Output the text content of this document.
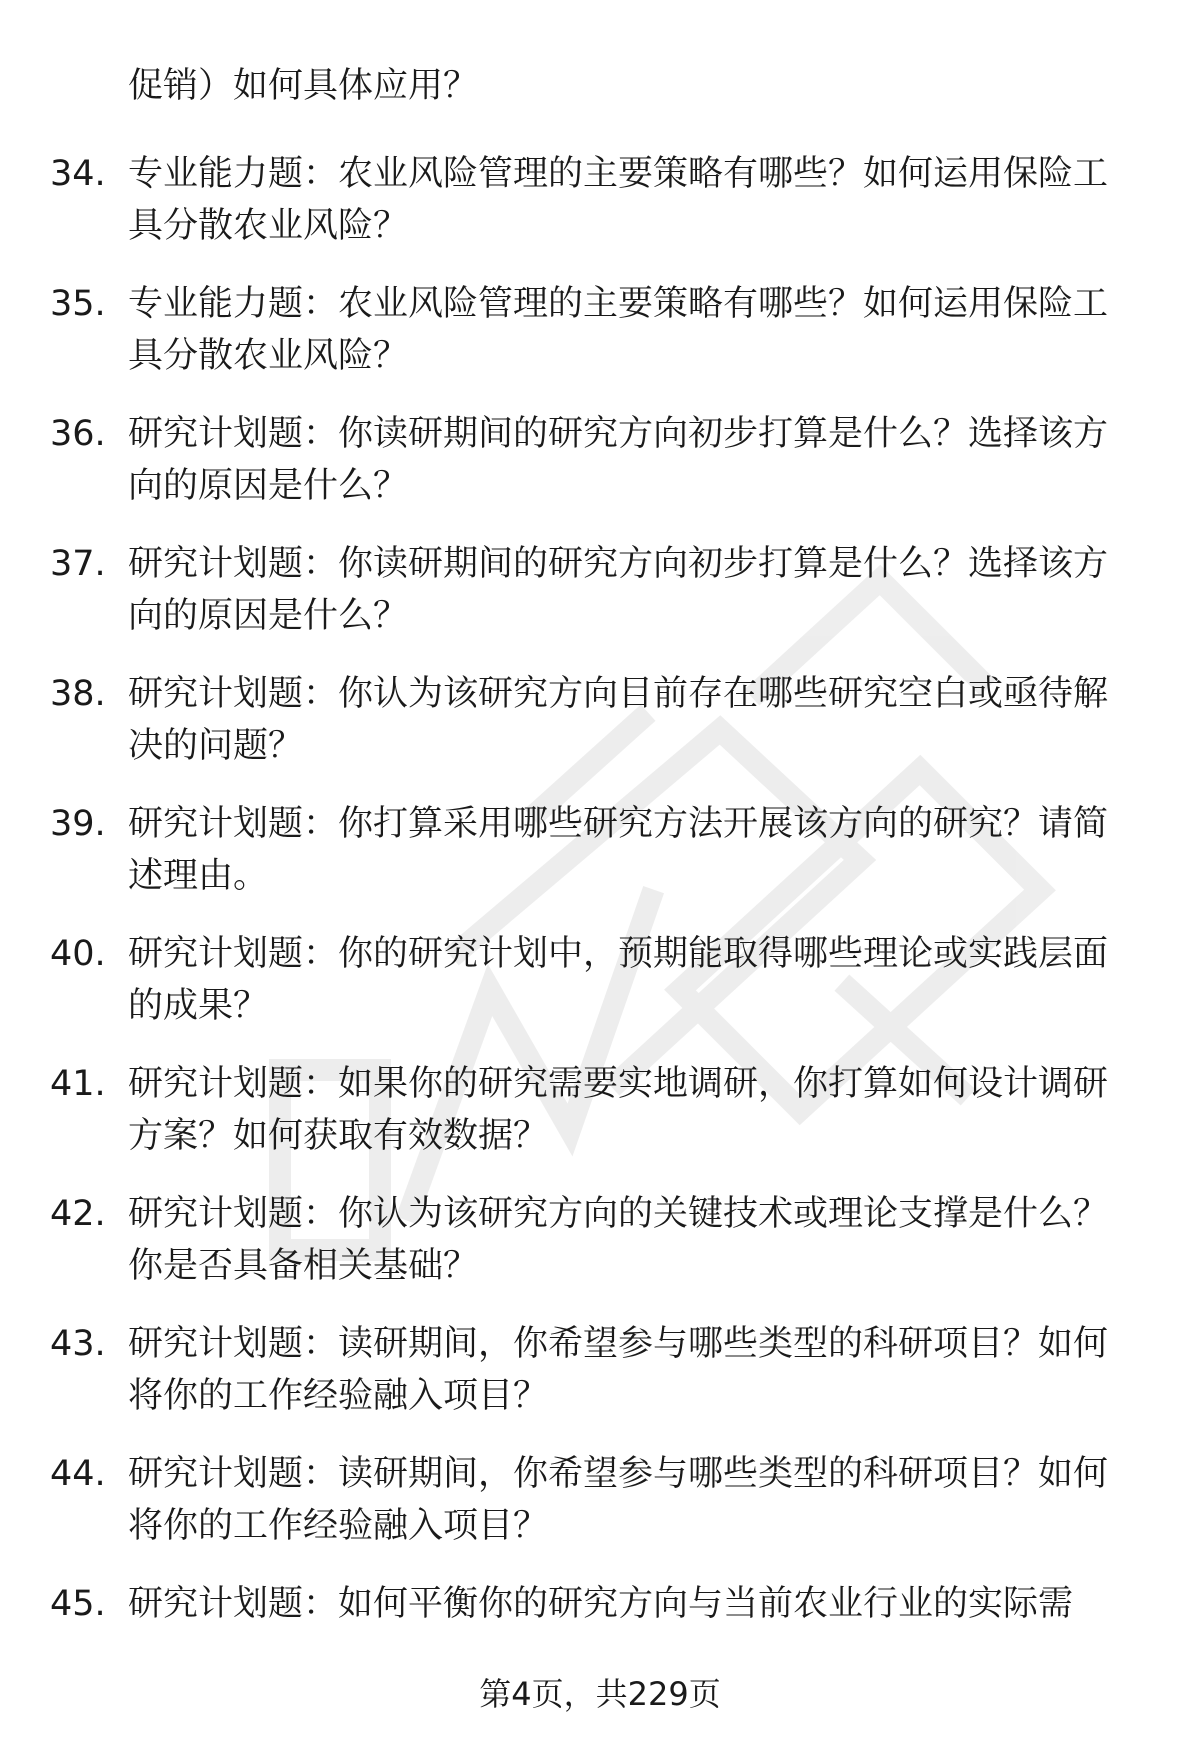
促销）如何具体应用？
34. 专业能力题：农业风险管理的主要策略有哪些？如何运用保险工具分散农业风险？
35. 专业能力题：农业风险管理的主要策略有哪些？如何运用保险工具分散农业风险？
36. 研究计划题：你读研期间的研究方向初步打算是什么？选择该方向的原因是什么？
37. 研究计划题：你读研期间的研究方向初步打算是什么？选择该方向的原因是什么？
38. 研究计划题：你认为该研究方向目前存在哪些研究空白或亟待解决的问题？
39. 研究计划题：你打算采用哪些研究方法开展该方向的研究？请简述理由。
40. 研究计划题：你的研究计划中，预期能取得哪些理论或实践层面的成果？
41. 研究计划题：如果你的研究需要实地调研，你打算如何设计调研方案？如何获取有效数据？
42. 研究计划题：你认为该研究方向的关键技术或理论支撑是什么？你是否具备相关基础？
43. 研究计划题：读研期间，你希望参与哪些类型的科研项目？如何将你的工作经验融入项目？
44. 研究计划题：读研期间，你希望参与哪些类型的科研项目？如何将你的工作经验融入项目？
45. 研究计划题：如何平衡你的研究方向与当前农业行业的实际需
第4页，共229页
